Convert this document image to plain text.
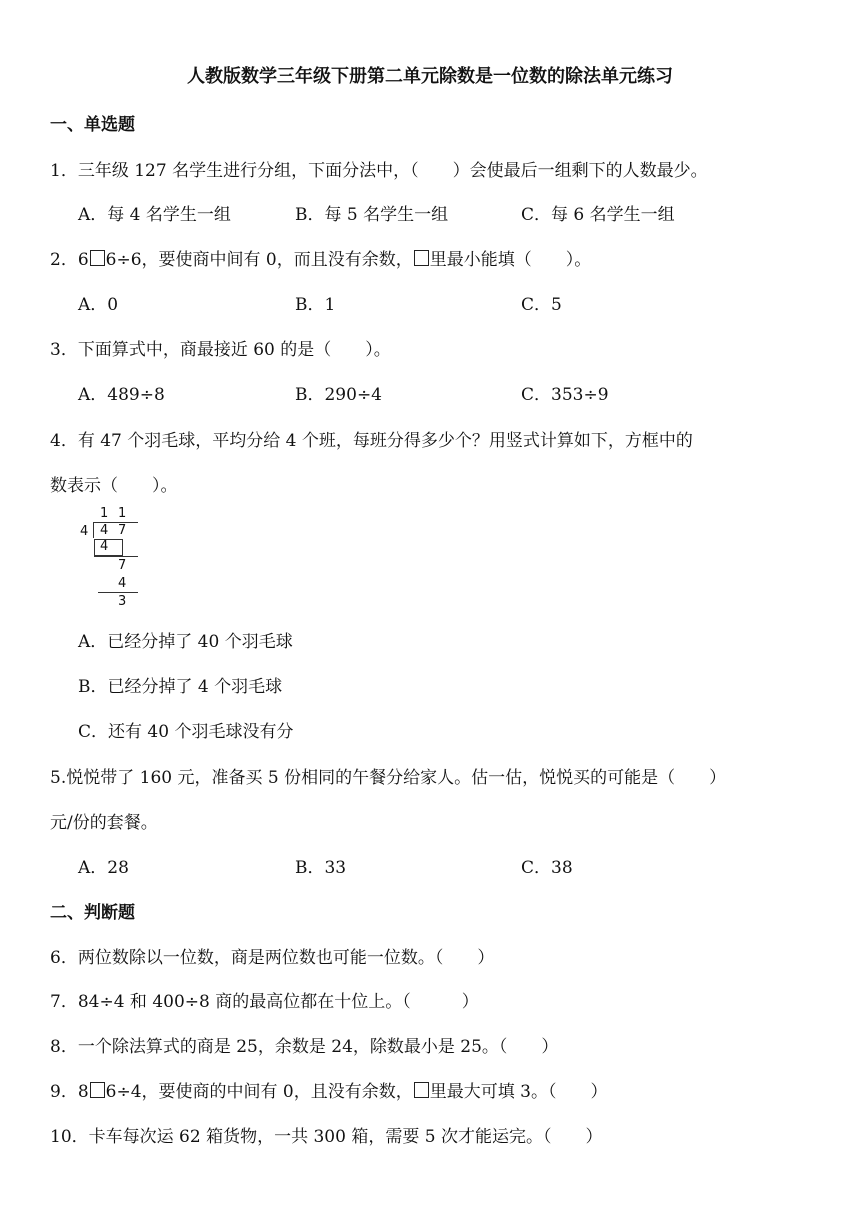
人教版数学三年级下册第二单元除数是一位数的除法单元练习
一、单选题
1．三年级 127 名学生进行分组，下面分法中，（　　）会使最后一组剩下的人数最少。
A．每 4 名学生一组	B．每 5 名学生一组	C．每 6 名学生一组
2．6 6÷6，要使商中间有 0，而且没有余数， 里最小能填（　　）。
A．0	B．1	C．5
3．下面算式中，商最接近 60 的是（　　）。
A．489÷8	B．290÷4	C．353÷9
4．有 47 个羽毛球，平均分给 4 个班，每班分得多少个？用竖式计算如下，方框中的
数表示（　　）。
1 1
4 4 7
4
7
4
3
A．已经分掉了 40 个羽毛球
B．已经分掉了 4 个羽毛球
C．还有 40 个羽毛球没有分
5.悦悦带了 160 元，准备买 5 份相同的午餐分给家人。估一估，悦悦买的可能是（　　）
元/份的套餐。
A．28	B．33	C．38
二、判断题
6．两位数除以一位数，商是两位数也可能一位数。（　　）
7．84÷4 和 400÷8 商的最高位都在十位上。（　　　）
8．一个除法算式的商是 25，余数是 24，除数最小是 25。（　　）
9．8 6÷4，要使商的中间有 0，且没有余数， 里最大可填 3。（　　）
10．卡车每次运 62 箱货物，一共 300 箱，需要 5 次才能运完。（　　）
